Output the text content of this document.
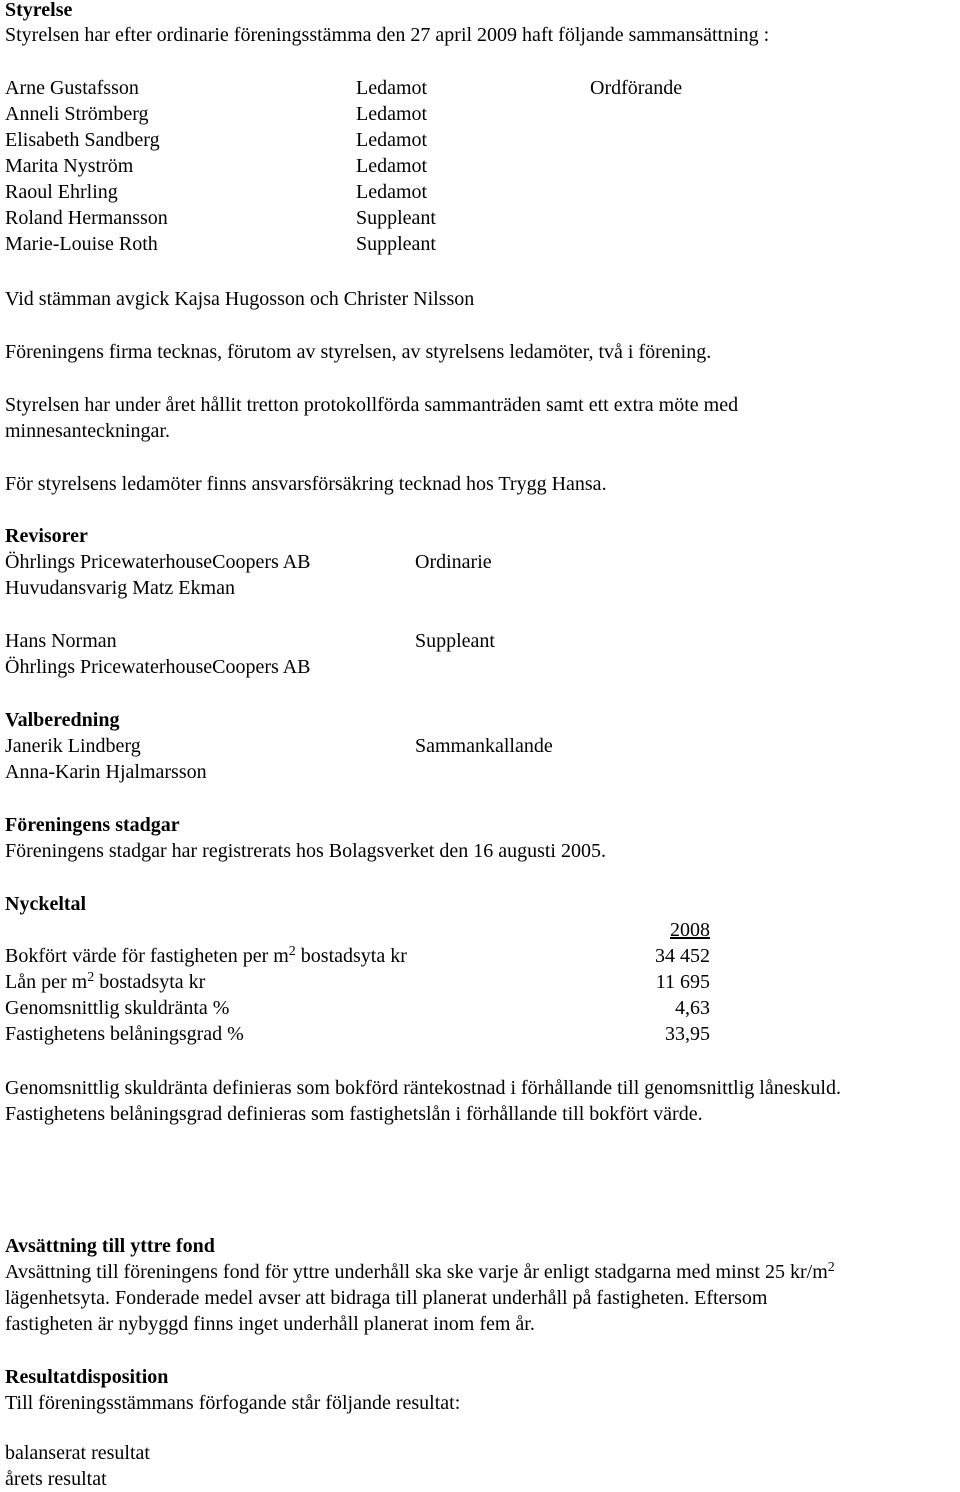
Styrelse
Styrelsen har efter ordinarie föreningsstämma den 27 april 2009 haft följande sammansättning :
Arne Gustafsson	Ledamot	Ordförande
Anneli Strömberg	Ledamot
Elisabeth Sandberg	Ledamot
Marita Nyström	Ledamot
Raoul Ehrling	Ledamot
Roland Hermansson	Suppleant
Marie-Louise Roth	Suppleant
Vid stämman avgick Kajsa Hugosson och Christer Nilsson
Föreningens firma tecknas, förutom av styrelsen, av styrelsens ledamöter, två i förening.
Styrelsen har under året hållit tretton protokollförda sammanträden samt ett extra möte med
minnesanteckningar.
För styrelsens ledamöter finns ansvarsförsäkring tecknad hos Trygg Hansa.
Revisorer
Öhrlings PricewaterhouseCoopers AB	Ordinarie
Huvudansvarig Matz Ekman
Hans Norman	Suppleant
Öhrlings PricewaterhouseCoopers AB
Valberedning
Janerik Lindberg	Sammankallande
Anna-Karin Hjalmarsson
Föreningens stadgar
Föreningens stadgar har registrerats hos Bolagsverket den 16 augusti 2005.
Nyckeltal
2008
Bokfört värde för fastigheten per $m^2$ bostadsyta kr	34 452
Lån per $m^2$ bostadsyta kr	11 695
Genomsnittlig skuldränta %	4,63
Fastighetens belåningsgrad %	33,95
Genomsnittlig skuldränta definieras som bokförd räntekostnad i förhållande till genomsnittlig låneskuld.
Fastighetens belåningsgrad definieras som fastighetslån i förhållande till bokfört värde.
Avsättning till yttre fond
Avsättning till föreningens fond för yttre underhåll ska ske varje år enligt stadgarna med minst 25 $kr/m^2$
lägenhetsyta. Fonderade medel avser att bidraga till planerat underhåll på fastigheten. Eftersom
fastigheten är nybyggd finns inget underhåll planerat inom fem år.
Resultatdisposition
Till föreningsstämmans förfogande står följande resultat:
balanserat resultat
årets resultat
